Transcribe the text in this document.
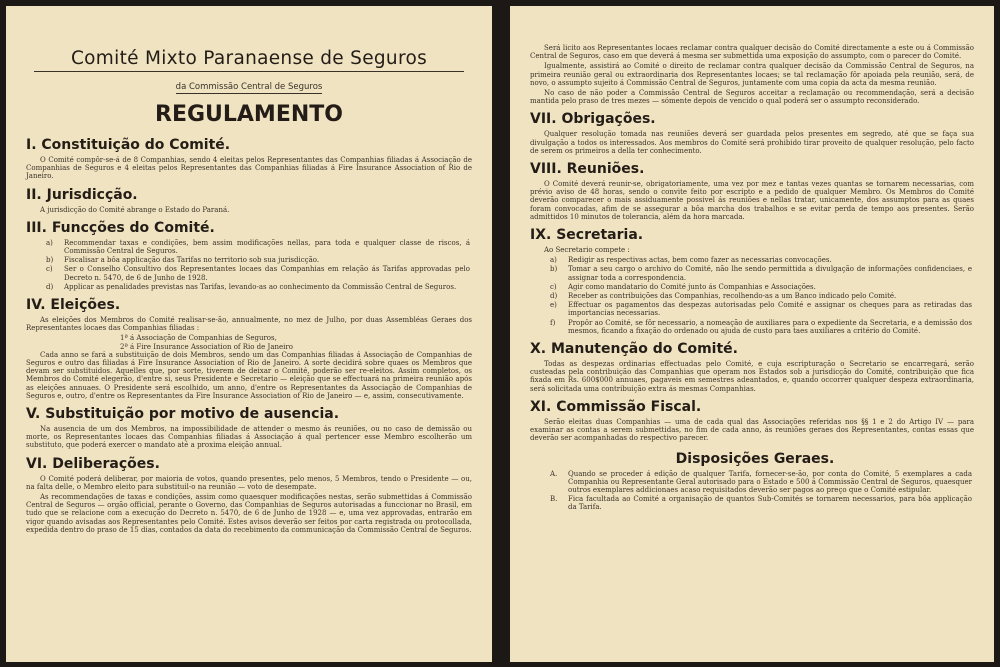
Comité Mixto Paranaense de Seguros
da Commissão Central de Seguros
REGULAMENTO
I. Constituição do Comité.

O Comité compôr-se-á de 8 Companhias, sendo 4 eleitas pelos Representantes das Companhias filiadas á Associação de Companhias de Seguros e 4 eleitas pelos Representantes das Companhias filiadas á Fire Insurance Association of Rio de Janeiro.

II. Jurisdicção.

A jurisdicção do Comité abrange o Estado do Paraná.

III. Funcções do Comité.
a)	Recommendar taxas e condições, bem assim modificações nellas, para toda e qualquer classe de riscos, á Commissão Central de Seguros.
b)	Fiscalisar a bôa applicação das Tarifas no territorio sob sua jurisdicção.
c)	Ser o Conselho Consultivo dos Representantes locaes das Companhias em relação ás Tarifas approvadas pelo Decreto n. 5470, de 6 de Junho de 1928.
d)	Applicar as penalidades previstas nas Tarifas, levando-as ao conhecimento da Commissão Central de Seguros.
IV. Eleições.

As eleições dos Membros do Comité realisar-se-ão, annualmente, no mez de Julho, por duas Assembléas Geraes dos Representantes locaes das Companhias filiadas :

1ª á Associação de Companhias de Seguros,
2ª á Fire Insurance Association of Rio de Janeiro

Cada anno se fará a substituição de dois Membros, sendo um das Companhias filiadas á Associação de Companhias de Seguros e outro das filiadas á Fire Insurance Association of Rio de Janeiro. A sorte decidirá sobre quaes os Membros que devam ser substituidos. Aquelles que, por sorte, tiverem de deixar o Comité, poderão ser re-eleitos. Assim completos, os Membros do Comité elegerão, d'entre si, seus Presidente e Secretario — eleição que se effectuará na primeira reunião após as eleições annuaes. O Presidente será escolhido, um anno, d'entre os Representantes da Associação de Companhias de Seguros e, outro, d'entre os Representantes da Fire Insurance Association of Rio de Janeiro — e, assim, consecutivamente.

V. Substituição por motivo de ausencia.

Na ausencia de um dos Membros, na impossibilidade de attender o mesmo ás reuniões, ou no caso de demissão ou morte, os Representantes locaes das Companhias filiadas á Associação á qual pertencer esse Membro escolherão um substituto, que poderá exercer o mandato até a proxima eleição annual.

VI. Deliberações.

O Comité poderá deliberar, por maioria de votos, quando presentes, pelo menos, 5 Membros, tendo o Presidente — ou, na falta delle, o Membro eleito para substituil-o na reunião — voto de desempate.

As recommendações de taxas e condições, assim como quaesquer modificações nestas, serão submettidas á Commissão Central de Seguros — orgão official, perante o Governo, das Companhias de Seguros autorisadas a funccionar no Brasil, em tudo que se relacione com a execução do Decreto n. 5470, de 6 de Junho de 1928 — e, uma vez approvadas, entrarão em vigor quando avisadas aos Representantes pelo Comité. Estes avisos deverão ser feitos por carta registrada ou protocollada, expedida dentro do praso de 15 dias, contados da data do recebimento da communicação da Commissão Central de Seguros.

Será licito aos Representantes locaes reclamar contra qualquer decisão do Comité directamente a este ou á Commissão Central de Seguros, caso em que deverá á mesma ser submettida uma exposição do assumpto, com o parecer do Comité.

Igualmente, assistirá ao Comité o direito de reclamar contra qualquer decisão da Commissão Central de Seguros, na primeira reunião geral ou extraordinaria dos Representantes locaes; se tal reclamação fôr apoiada pela reunião, será, de novo, o assumpto sujeito á Commissão Central de Seguros, juntamente com uma copia da acta da mesma reunião.

No caso de não poder a Commissão Central de Seguros acceitar a reclamação ou recommendação, será a decisão mantida pelo praso de tres mezes — sómente depois de vencido o qual poderá ser o assumpto reconsiderado.

VII. Obrigações.

Qualquer resolução tomada nas reuniões deverá ser guardada pelos presentes em segredo, até que se faça sua divulgação a todos os interessados. Aos membros do Comité será prohibido tirar proveito de qualquer resolução, pelo facto de serem os primeiros a della ter conhecimento.

VIII. Reuniões.

O Comité deverá reunir-se, obrigatoriamente, uma vez por mez e tantas vezes quantas se tornarem necessarias, com prévio aviso de 48 horas, sendo o convite feito por escripto e a pedido de qualquer Membro. Os Membros do Comité deverão comparecer o mais assiduamente possivel ás reuniões e nellas tratar, unicamente, dos assumptos para as quaes foram convocadas, afim de se assegurar a bôa marcha dos trabalhos e se evitar perda de tempo aos presentes. Serão admittidos 10 minutos de tolerancia, além da hora marcada.

IX. Secretaria.

Ao Secretario compete :

a)	Redigir as respectivas actas, bem como fazer as necessarias convocações.
b)	Tomar a seu cargo o archivo do Comité, não lhe sendo permittida a divulgação de informações confidenciaes, e assignar toda a correspondencia.
c)	Agir como mandatario do Comité junto ás Companhias e Associações.
d)	Receber as contribuições das Companhias, recolhendo-as a um Banco indicado pelo Comité.
e)	Effectuar os pagamentos das despezas autorisadas pelo Comité e assignar os cheques para as retiradas das importancias necessarias.
f)	Propôr ao Comité, se fôr necessario, a nomeação de auxiliares para o expediente da Secretaria, e a demissão dos mesmos, ficando a fixação do ordenado ou ajuda de custo para taes auxiliares a critério do Comité.
X. Manutenção do Comité.

Todas as despezas ordinarias effectuadas pelo Comité, e cuja escripturação o Secretario se encarregará, serão custeadas pela contribuição das Companhias que operam nos Estados sob a jurisdicção do Comité, contribuição que fica fixada em Rs. 600$000 annuaes, pagaveis em semestres adeantados, e, quando occorrer qualquer despeza extraordinaria, será solicitada uma contribuição extra ás mesmas Companhias.

XI. Commissão Fiscal.

Serão eleitas duas Companhias — uma de cada qual das Associações referidas nos §§ 1 e 2 do Artigo IV — para examinar as contas a serem submettidas, no fim de cada anno, ás reuniões geraes dos Representantes, contas essas que deverão ser acompanhadas do respectivo parecer.

Disposições Geraes.
A.	Quando se proceder á edição de qualquer Tarifa, fornecer-se-ão, por conta do Comité, 5 exemplares a cada Companhia ou Representante Geral autorisado para o Estado e 500 á Commissão Central de Seguros, quaesquer outros exemplares addicionaes acaso requisitados deverão ser pagos ao preço que o Comité estipular.
B.	Fica facultada ao Comité a organisação de quantos Sub-Comités se tornarem necessarios, para bôa applicação da Tarifa.
